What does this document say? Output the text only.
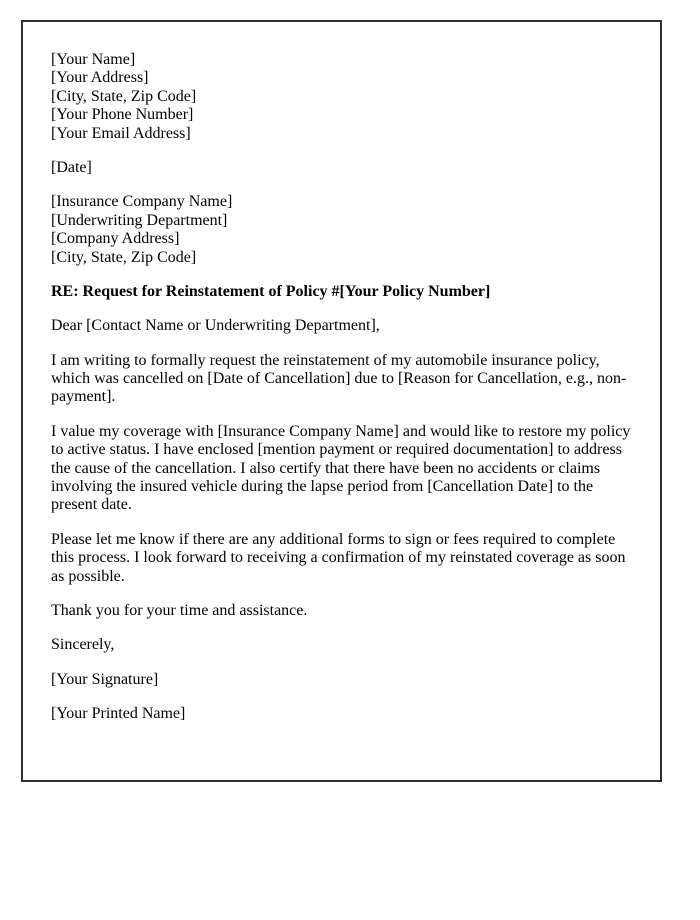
[Your Name]
[Your Address]
[City, State, Zip Code]
[Your Phone Number]
[Your Email Address]
[Date]
[Insurance Company Name]
[Underwriting Department]
[Company Address]
[City, State, Zip Code]
RE: Request for Reinstatement of Policy #[Your Policy Number]
Dear [Contact Name or Underwriting Department],
I am writing to formally request the reinstatement of my automobile insurance policy, which was cancelled on [Date of Cancellation] due to [Reason for Cancellation, e.g., non-payment].
I value my coverage with [Insurance Company Name] and would like to restore my policy to active status. I have enclosed [mention payment or required documentation] to address the cause of the cancellation. I also certify that there have been no accidents or claims involving the insured vehicle during the lapse period from [Cancellation Date] to the present date.
Please let me know if there are any additional forms to sign or fees required to complete this process. I look forward to receiving a confirmation of my reinstated coverage as soon as possible.
Thank you for your time and assistance.
Sincerely,
[Your Signature]
[Your Printed Name]
